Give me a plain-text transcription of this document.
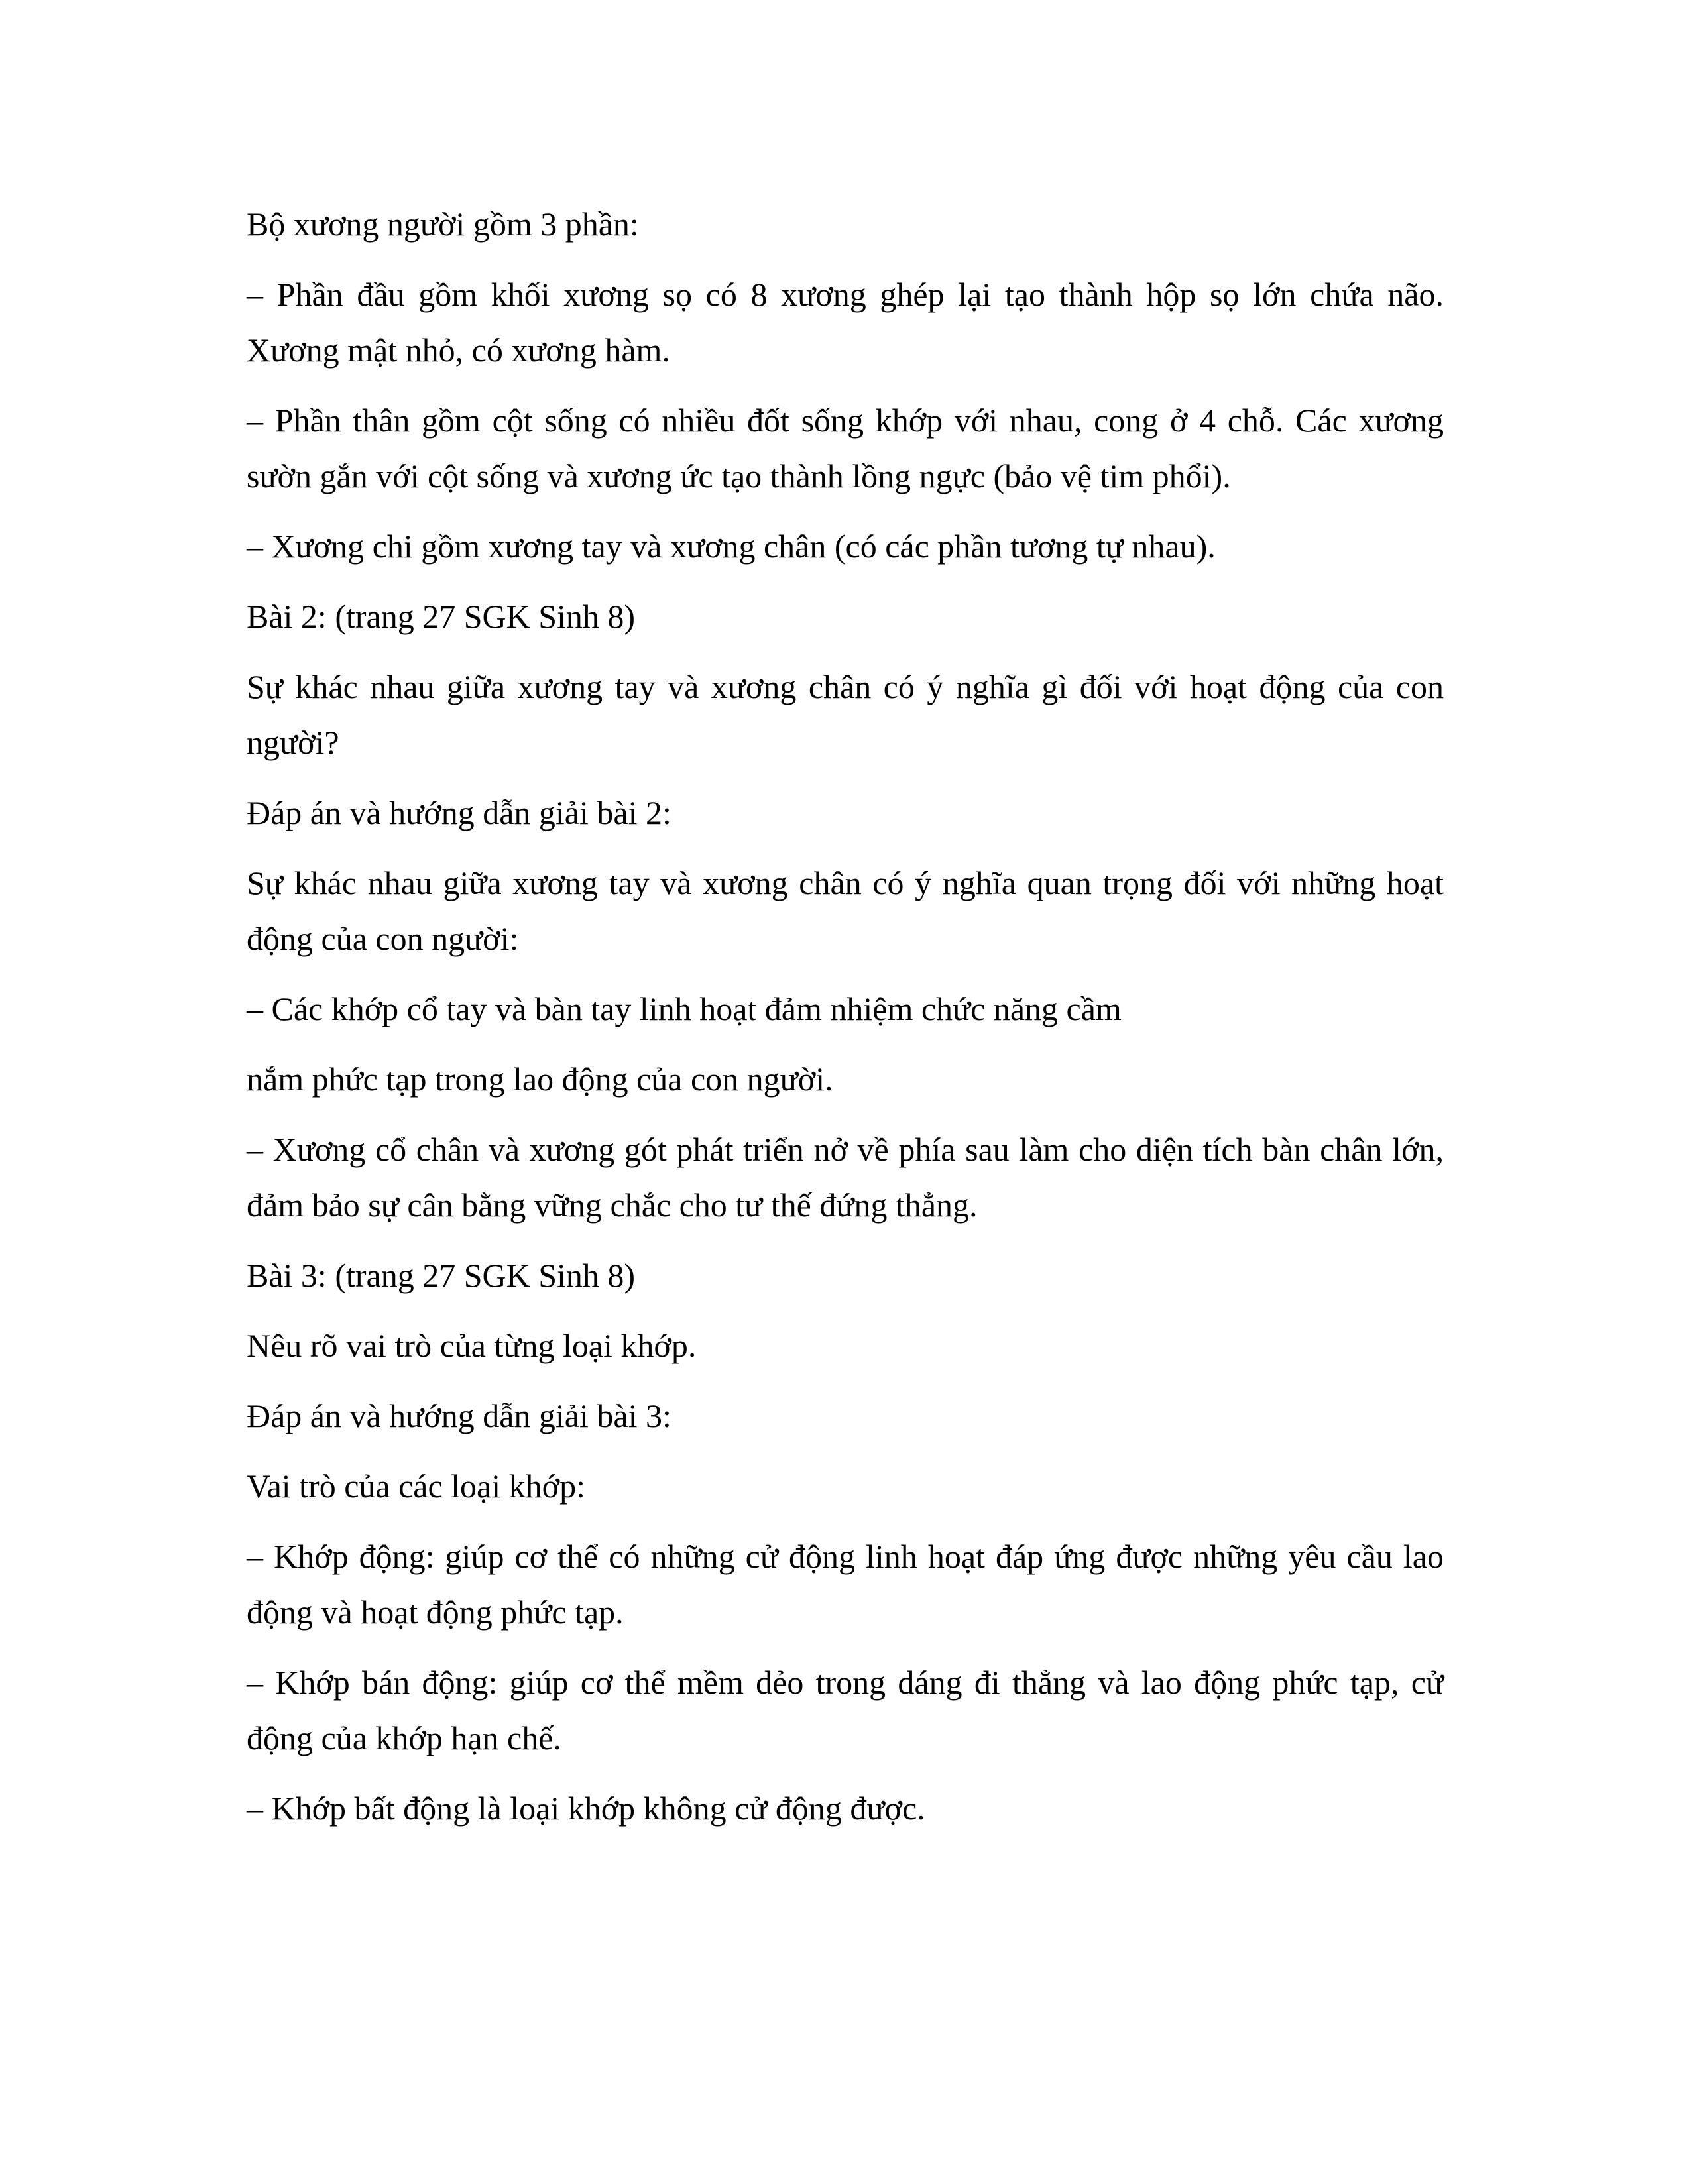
Bộ xương người gồm 3 phần:

– Phần đầu gồm khối xương sọ có 8 xương ghép lại tạo thành hộp sọ lớn chứa não. Xương mật nhỏ, có xương hàm.

– Phần thân gồm cột sống có nhiều đốt sống khớp với nhau, cong ở 4 chỗ. Các xương sườn gắn với cột sống và xương ức tạo thành lồng ngực (bảo vệ tim phổi).

– Xương chi gồm xương tay và xương chân (có các phần tương tự nhau).

Bài 2: (trang 27 SGK Sinh 8)

Sự khác nhau giữa xương tay và xương chân có ý nghĩa gì đối với hoạt động của con người?

Đáp án và hướng dẫn giải bài 2:

Sự khác nhau giữa xương tay và xương chân có ý nghĩa quan trọng đối với những hoạt động của con người:

– Các khớp cổ tay và bàn tay linh hoạt đảm nhiệm chức năng cầm

nắm phức tạp trong lao động của con người.

– Xương cổ chân và xương gót phát triển nở về phía sau làm cho diện tích bàn chân lớn, đảm bảo sự cân bằng vững chắc cho tư thế đứng thẳng.

Bài 3: (trang 27 SGK Sinh 8)

Nêu rõ vai trò của từng loại khớp.

Đáp án và hướng dẫn giải bài 3:

Vai trò của các loại khớp:

– Khớp động: giúp cơ thể có những cử động linh hoạt đáp ứng được những yêu cầu lao động và hoạt động phức tạp.

– Khớp bán động: giúp cơ thể mềm dẻo trong dáng đi thẳng và lao động phức tạp, cử động của khớp hạn chế.

– Khớp bất động là loại khớp không cử động được.
